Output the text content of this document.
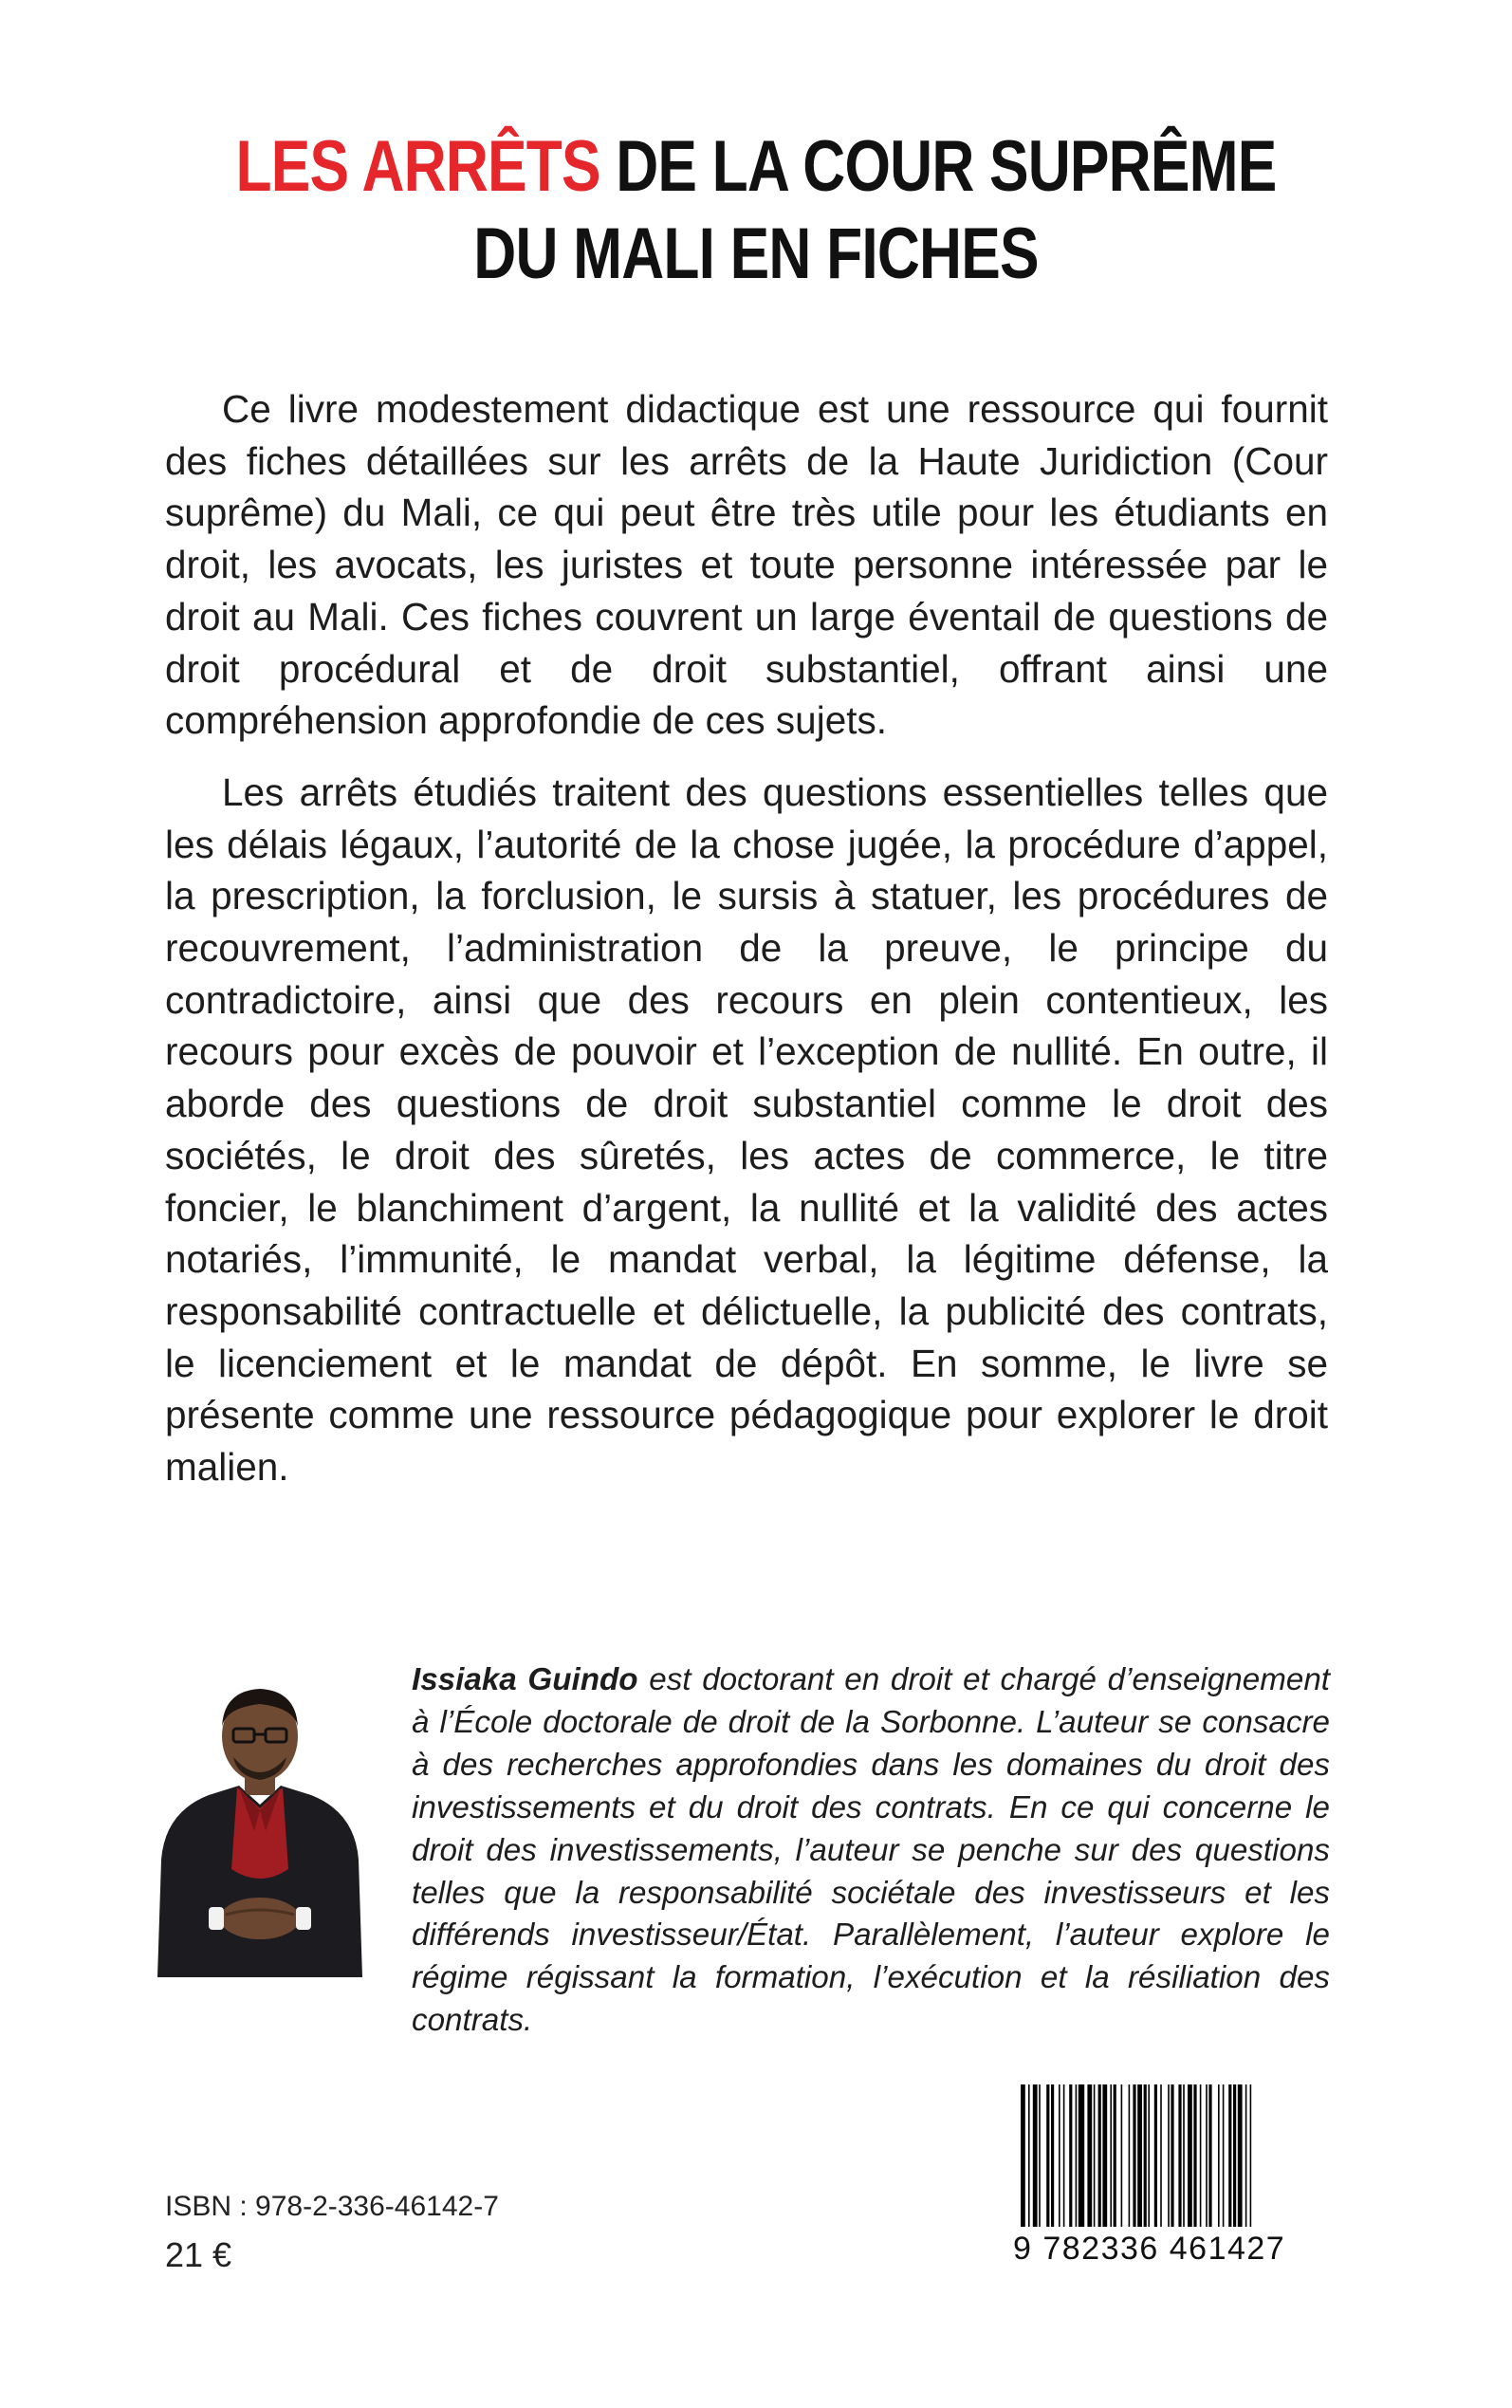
LES ARRÊTS DE LA COUR SUPRÊME
DU MALI EN FICHES

Ce livre modestement didactique est une ressource qui fournit des fiches détaillées sur les arrêts de la Haute Juridiction (Cour suprême) du Mali, ce qui peut être très utile pour les étudiants en droit, les avocats, les juristes et toute personne intéressée par le droit au Mali. Ces fiches couvrent un large éventail de questions de droit procédural et de droit substantiel, offrant ainsi une compréhension approfondie de ces sujets.

Les arrêts étudiés traitent des questions essentielles telles que les délais légaux, l’autorité de la chose jugée, la procédure d’appel, la prescription, la forclusion, le sursis à statuer, les procédures de recouvrement, l’administration de la preuve, le principe du contradictoire, ainsi que des recours en plein contentieux, les recours pour excès de pouvoir et l’exception de nullité. En outre, il aborde des questions de droit substantiel comme le droit des sociétés, le droit des sûretés, les actes de commerce, le titre foncier, le blanchiment d’argent, la nullité et la validité des actes notariés, l’immunité, le mandat verbal, la légitime défense, la responsabilité contractuelle et délictuelle, la publicité des contrats, le licenciement et le mandat de dépôt. En somme, le livre se présente comme une ressource pédagogique pour explorer le droit malien.

Issiaka Guindo est doctorant en droit et chargé d’enseignement à l’École doctorale de droit de la Sorbonne. L’auteur se consacre à des recherches approfondies dans les domaines du droit des investissements et du droit des contrats. En ce qui concerne le droit des investissements, l’auteur se penche sur des questions telles que la responsabilité sociétale des investisseurs et les différends investisseur/État. Parallèlement, l’auteur explore le régime régissant la formation, l’exécution et la résiliation des contrats.
ISBN : 978-2-336-46142-7
21 €	9 782336 461427
